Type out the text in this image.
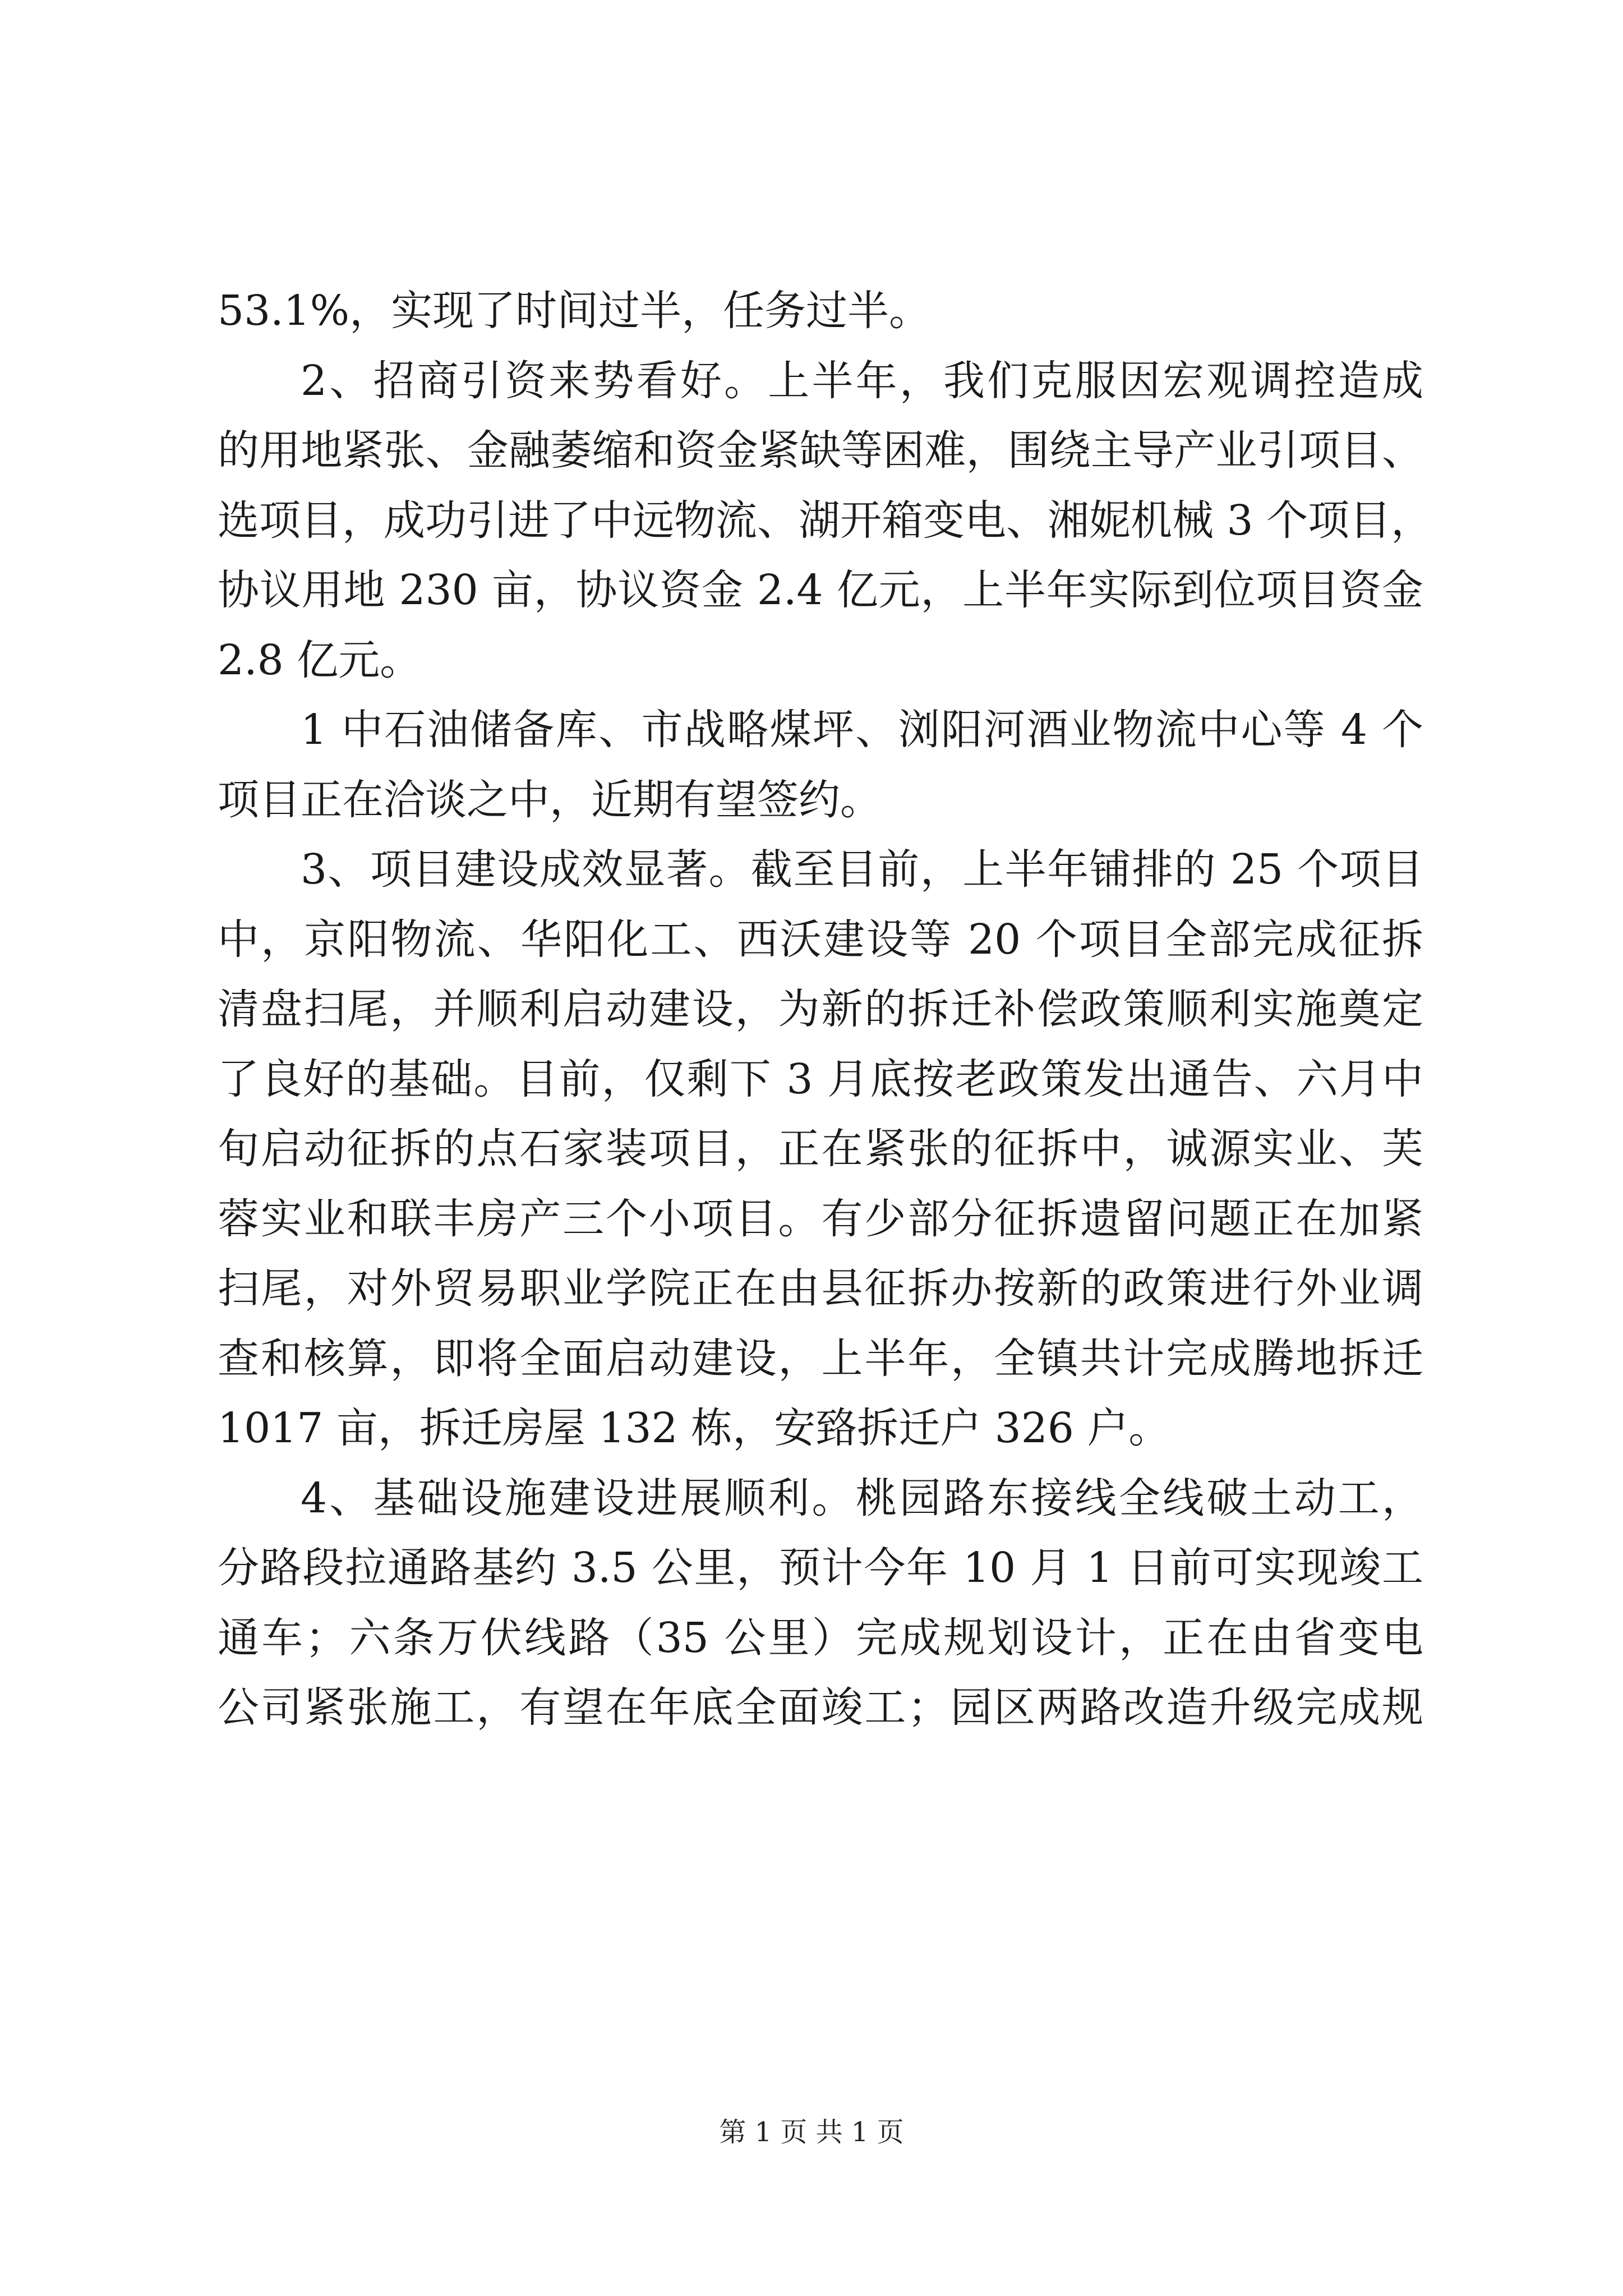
53.1%，实现了时间过半，任务过半。
2、招商引资来势看好。上半年，我们克服因宏观调控造成
的用地紧张、金融萎缩和资金紧缺等困难，围绕主导产业引项目、
选项目，成功引进了中远物流、湖开箱变电、湘妮机械 3 个项目，
协议用地 230 亩，协议资金 2.4 亿元，上半年实际到位项目资金
2.8 亿元。
1 中石油储备库、市战略煤坪、浏阳河酒业物流中心等 4 个
项目正在洽谈之中，近期有望签约。
3、项目建设成效显著。截至目前，上半年铺排的 25 个项目
中，京阳物流、华阳化工、西沃建设等 20 个项目全部完成征拆
清盘扫尾，并顺利启动建设，为新的拆迁补偿政策顺利实施奠定
了良好的基础。目前，仅剩下 3 月底按老政策发出通告、六月中
旬启动征拆的点石家装项目，正在紧张的征拆中，诚源实业、芙
蓉实业和联丰房产三个小项目。有少部分征拆遗留问题正在加紧
扫尾，对外贸易职业学院正在由县征拆办按新的政策进行外业调
查和核算，即将全面启动建设，上半年，全镇共计完成腾地拆迁
1017 亩，拆迁房屋 132 栋，安臵拆迁户 326 户。
4、基础设施建设进展顺利。桃园路东接线全线破土动工，
分路段拉通路基约 3.5 公里，预计今年 10 月 1 日前可实现竣工
通车；六条万伏线路（35 公里）完成规划设计，正在由省变电
公司紧张施工，有望在年底全面竣工；园区两路改造升级完成规
第 1 页 共 1 页
